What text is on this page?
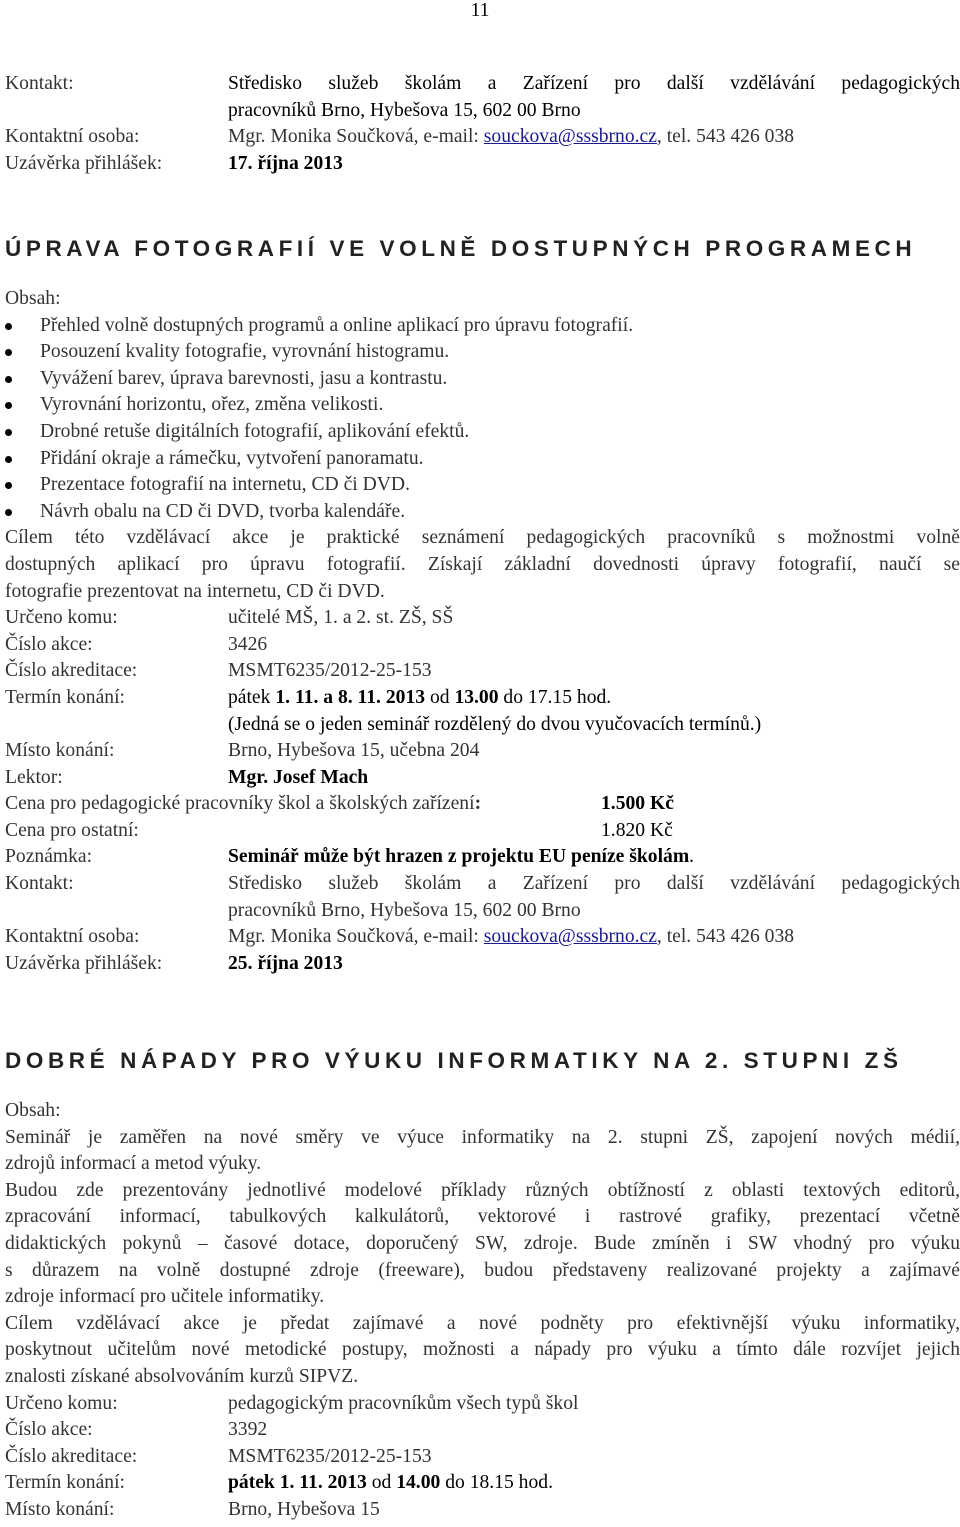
11
Kontakt:	Středisko služeb školám a Zařízení pro další vzdělávání pedagogických
pracovníků Brno, Hybešova 15, 602 00 Brno
Kontaktní osoba:	Mgr. Monika Součková, e-mail: souckova@sssbrno.cz, tel. 543 426 038
Uzávěrka přihlášek:	17. října 2013
ÚPRAVA FOTOGRAFIÍ VE VOLNĚ DOSTUPNÝCH PROGRAMECH
Obsah:
Přehled volně dostupných programů a online aplikací pro úpravu fotografií.
Posouzení kvality fotografie, vyrovnání histogramu.
Vyvážení barev, úprava barevnosti, jasu a kontrastu.
Vyrovnání horizontu, ořez, změna velikosti.
Drobné retuše digitálních fotografií, aplikování efektů.
Přidání okraje a rámečku, vytvoření panoramatu.
Prezentace fotografií na internetu, CD či DVD.
Návrh obalu na CD či DVD, tvorba kalendáře.
Cílem této vzdělávací akce je praktické seznámení pedagogických pracovníků s možnostmi volně
dostupných aplikací pro úpravu fotografií. Získají základní dovednosti úpravy fotografií, naučí se
fotografie prezentovat na internetu, CD či DVD.
Určeno komu:	učitelé MŠ, 1. a 2. st. ZŠ, SŠ
Číslo akce:	3426
Číslo akreditace:	MSMT6235/2012-25-153
Termín konání:	pátek 1. 11. a 8. 11. 2013 od 13.00 do 17.15 hod.
(Jedná se o jeden seminář rozdělený do dvou vyučovacích termínů.)
Místo konání:	Brno, Hybešova 15, učebna 204
Lektor:	Mgr. Josef Mach
Cena pro pedagogické pracovníky škol a školských zařízení:	1.500 Kč
Cena pro ostatní:	1.820 Kč
Poznámka:	Seminář může být hrazen z projektu EU peníze školám.
Kontakt:	Středisko služeb školám a Zařízení pro další vzdělávání pedagogických
pracovníků Brno, Hybešova 15, 602 00 Brno
Kontaktní osoba:	Mgr. Monika Součková, e-mail: souckova@sssbrno.cz, tel. 543 426 038
Uzávěrka přihlášek:	25. října 2013
DOBRÉ NÁPADY PRO VÝUKU INFORMATIKY NA 2. STUPNI ZŠ
Obsah:
Seminář je zaměřen na nové směry ve výuce informatiky na 2. stupni ZŠ, zapojení nových médií,
zdrojů informací a metod výuky.
Budou zde prezentovány jednotlivé modelové příklady různých obtížností z oblasti textových editorů,
zpracování informací, tabulkových kalkulátorů, vektorové i rastrové grafiky, prezentací včetně
didaktických pokynů – časové dotace, doporučený SW, zdroje. Bude zmíněn i SW vhodný pro výuku
s důrazem na volně dostupné zdroje (freeware), budou představeny realizované projekty a zajímavé
zdroje informací pro učitele informatiky.
Cílem vzdělávací akce je předat zajímavé a nové podněty pro efektivnější výuku informatiky,
poskytnout učitelům nové metodické postupy, možnosti a nápady pro výuku a tímto dále rozvíjet jejich
znalosti získané absolvováním kurzů SIPVZ.
Určeno komu:	pedagogickým pracovníkům všech typů škol
Číslo akce:	3392
Číslo akreditace:	MSMT6235/2012-25-153
Termín konání:	pátek 1. 11. 2013 od 14.00 do 18.15 hod.
Místo konání:	Brno, Hybešova 15
